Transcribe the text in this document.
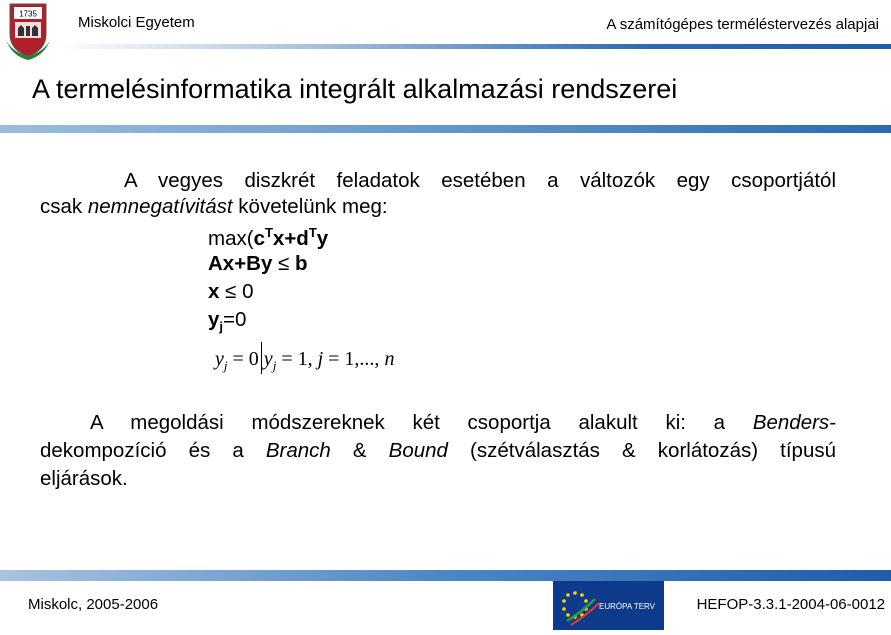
1735	Miskolci Egyetem	A számítógépes terméléstervezés alapjai
A termelésinformatika integrált alkalmazási rendszerei
A vegyes diszkrét feladatok esetében a változók egy csoportjától
csak nemnegatívitást követelünk meg:
$\max(c^Tx+d^Ty$
Ax+By ≤ b
x ≤ 0
$y_j=0$
$y_j = 0$ $y_j = 1$, j = 1,..., n
A megoldási módszereknek két csoportja alakult ki: a Benders-
dekompozíció és a Branch & Bound (szétválasztás & korlátozás) típusú
eljárások.
Miskolc, 2005-2006	EURÓPA TERV	HEFOP-3.3.1-2004-06-0012
